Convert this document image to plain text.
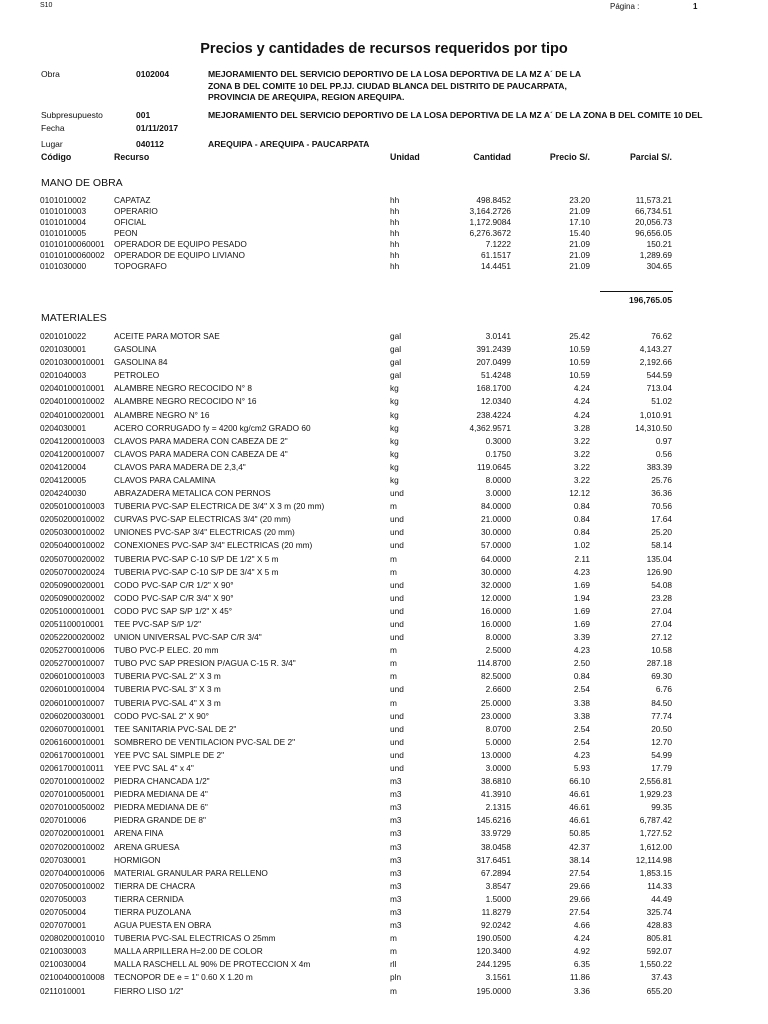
S10	Página :	1
Precios y cantidades de recursos requeridos por tipo
Obra	0102004	MEJORAMIENTO DEL SERVICIO DEPORTIVO DE LA LOSA DEPORTIVA DE LA MZ A´ DE LA
ZONA B DEL COMITE 10 DEL PP.JJ. CIUDAD BLANCA DEL DISTRITO DE PAUCARPATA,
PROVINCIA DE AREQUIPA, REGION AREQUIPA.
Subpresupuesto	001	MEJORAMIENTO DEL SERVICIO DEPORTIVO DE LA LOSA DEPORTIVA DE LA MZ A´ DE LA ZONA B DEL COMITE 10 DEL
Fecha	01/11/2017
Lugar	040112	AREQUIPA - AREQUIPA - PAUCARPATA
Código	Recurso	Unidad	Cantidad	Precio S/.	Parcial S/.
MANO DE OBRA
0101010002	CAPATAZ	hh	498.8452	23.20	11,573.21
0101010003	OPERARIO	hh	3,164.2726	21.09	66,734.51
0101010004	OFICIAL	hh	1,172.9084	17.10	20,056.73
0101010005	PEON	hh	6,276.3672	15.40	96,656.05
01010100060001 OPERADOR DE EQUIPO PESADO	hh	7.1222	21.09	150.21
01010100060002 OPERADOR DE EQUIPO LIVIANO	hh	61.1517	21.09	1,289.69
0101030000	TOPOGRAFO	hh	14.4451	21.09	304.65
196,765.05
MATERIALES
0201010022	ACEITE PARA MOTOR SAE	gal	3.0141	25.42	76.62
0201030001	GASOLINA	gal	391.2439	10.59	4,143.27
02010300010001 GASOLINA 84	gal	207.0499	10.59	2,192.66
0201040003	PETROLEO	gal	51.4248	10.59	544.59
02040100010001 ALAMBRE NEGRO RECOCIDO N° 8	kg	168.1700	4.24	713.04
02040100010002 ALAMBRE NEGRO RECOCIDO N° 16	kg	12.0340	4.24	51.02
02040100020001 ALAMBRE NEGRO N° 16	kg	238.4224	4.24	1,010.91
0204030001	ACERO CORRUGADO fy = 4200 kg/cm2 GRADO 60	kg	4,362.9571	3.28	14,310.50
02041200010003 CLAVOS PARA MADERA CON CABEZA DE 2"	kg	0.3000	3.22	0.97
02041200010007 CLAVOS PARA MADERA CON CABEZA DE 4"	kg	0.1750	3.22	0.56
0204120004	CLAVOS PARA MADERA DE 2,3,4"	kg	119.0645	3.22	383.39
0204120005	CLAVOS PARA CALAMINA	kg	8.0000	3.22	25.76
0204240030	ABRAZADERA METALICA CON PERNOS	und	3.0000	12.12	36.36
02050100010003 TUBERIA PVC-SAP ELECTRICA DE 3/4" X 3 m (20 mm)	m	84.0000	0.84	70.56
02050200010002 CURVAS PVC-SAP ELECTRICAS 3/4" (20 mm)	und	21.0000	0.84	17.64
02050300010002 UNIONES PVC-SAP 3/4" ELECTRICAS (20 mm)	und	30.0000	0.84	25.20
02050400010002 CONEXIONES PVC-SAP 3/4" ELECTRICAS (20 mm)	und	57.0000	1.02	58.14
02050700020002 TUBERIA PVC-SAP C-10 S/P DE 1/2" X 5 m	m	64.0000	2.11	135.04
02050700020024 TUBERIA PVC-SAP C-10 S/P DE 3/4" X 5 m	m	30.0000	4.23	126.90
02050900020001 CODO PVC-SAP C/R 1/2" X 90°	und	32.0000	1.69	54.08
02050900020002 CODO PVC-SAP C/R 3/4" X 90°	und	12.0000	1.94	23.28
02051000010001 CODO PVC SAP S/P 1/2" X 45°	und	16.0000	1.69	27.04
02051100010001 TEE PVC-SAP S/P 1/2"	und	16.0000	1.69	27.04
02052200020002 UNION UNIVERSAL PVC-SAP C/R 3/4"	und	8.0000	3.39	27.12
02052700010006 TUBO PVC-P ELEC. 20 mm	m	2.5000	4.23	10.58
02052700010007 TUBO PVC SAP PRESION P/AGUA C-15 R. 3/4"	m	114.8700	2.50	287.18
02060100010003 TUBERIA PVC-SAL 2" X 3 m	m	82.5000	0.84	69.30
02060100010004 TUBERIA PVC-SAL 3" X 3 m	und	2.6600	2.54	6.76
02060100010007 TUBERIA PVC-SAL 4" X 3 m	m	25.0000	3.38	84.50
02060200030001 CODO PVC-SAL 2" X 90°	und	23.0000	3.38	77.74
02060700010001 TEE SANITARIA PVC-SAL DE 2"	und	8.0700	2.54	20.50
02061600010001 SOMBRERO DE VENTILACION PVC-SAL DE 2"	und	5.0000	2.54	12.70
02061700010001 YEE PVC SAL SIMPLE DE 2"	und	13.0000	4.23	54.99
02061700010011 YEE PVC SAL 4" x 4"	und	3.0000	5.93	17.79
02070100010002 PIEDRA CHANCADA 1/2"	m3	38.6810	66.10	2,556.81
02070100050001 PIEDRA MEDIANA DE 4"	m3	41.3910	46.61	1,929.23
02070100050002 PIEDRA MEDIANA DE 6"	m3	2.1315	46.61	99.35
0207010006	PIEDRA GRANDE DE 8"	m3	145.6216	46.61	6,787.42
02070200010001 ARENA FINA	m3	33.9729	50.85	1,727.52
02070200010002 ARENA GRUESA	m3	38.0458	42.37	1,612.00
0207030001	HORMIGON	m3	317.6451	38.14	12,114.98
02070400010006 MATERIAL GRANULAR PARA RELLENO	m3	67.2894	27.54	1,853.15
02070500010002 TIERRA DE CHACRA	m3	3.8547	29.66	114.33
0207050003	TIERRA CERNIDA	m3	1.5000	29.66	44.49
0207050004	TIERRA PUZOLANA	m3	11.8279	27.54	325.74
0207070001	AGUA PUESTA EN OBRA	m3	92.0242	4.66	428.83
02080200010010 TUBERIA PVC-SAL ELECTRICAS O 25mm	m	190.0500	4.24	805.81
0210030003	MALLA ARPILLERA H=2.00 DE COLOR	m	120.3400	4.92	592.07
0210030004	MALLA RASCHELL AL 90% DE PROTECCION X 4m	rll	244.1295	6.35	1,550.22
02100400010008 TECNOPOR DE e = 1" 0.60 X 1.20 m	pln	3.1561	11.86	37.43
0211010001	FIERRO LISO 1/2"	m	195.0000	3.36	655.20
